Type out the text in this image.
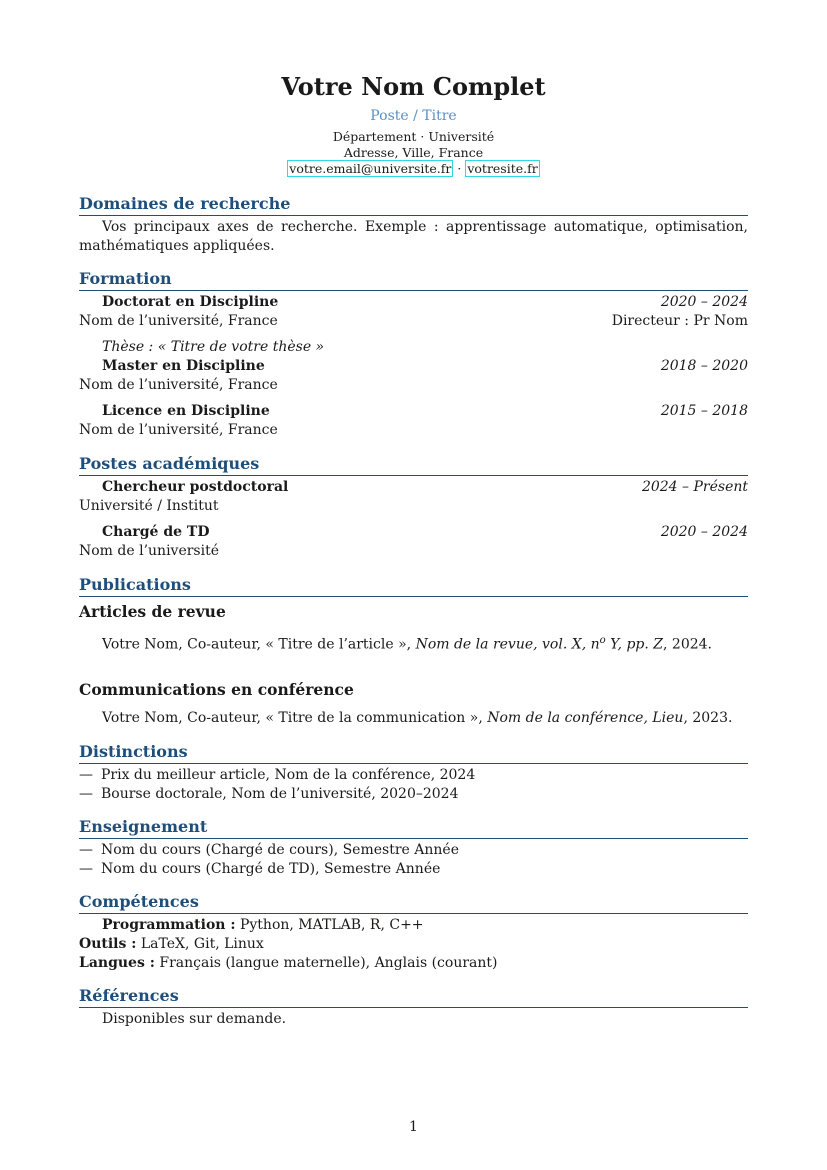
Votre Nom Complet
Poste / Titre
Département · Université
Adresse, Ville, France
votre.email@universite.fr · votresite.fr
Domaines de recherche

Vos principaux axes de recherche. Exemple : apprentissage automatique, optimisation, mathématiques appliquées.

Formation
Doctorat en Discipline	2020 – 2024
Nom de l’université, France	Directeur : Pr Nom
Thèse : « Titre de votre thèse »
Master en Discipline	2018 – 2020
Nom de l’université, France
Licence en Discipline	2015 – 2018
Nom de l’université, France
Postes académiques
Chercheur postdoctoral	2024 – Présent
Université / Institut
Chargé de TD	2020 – 2024
Nom de l’université
Publications
Articles de revue
Votre Nom, Co-auteur, « Titre de l’article », Nom de la revue, vol. X, $n^o$ Y, pp. Z, 2024.
Communications en conférence
Votre Nom, Co-auteur, « Titre de la communication », Nom de la conférence, Lieu, 2023.
Distinctions
— Prix du meilleur article, Nom de la conférence, 2024
— Bourse doctorale, Nom de l’université, 2020–2024
Enseignement
— Nom du cours (Chargé de cours), Semestre Année
— Nom du cours (Chargé de TD), Semestre Année
Compétences
Programmation : Python, MATLAB, R, C++
Outils : LaTeX, Git, Linux
Langues : Français (langue maternelle), Anglais (courant)
Références
Disponibles sur demande.
1
